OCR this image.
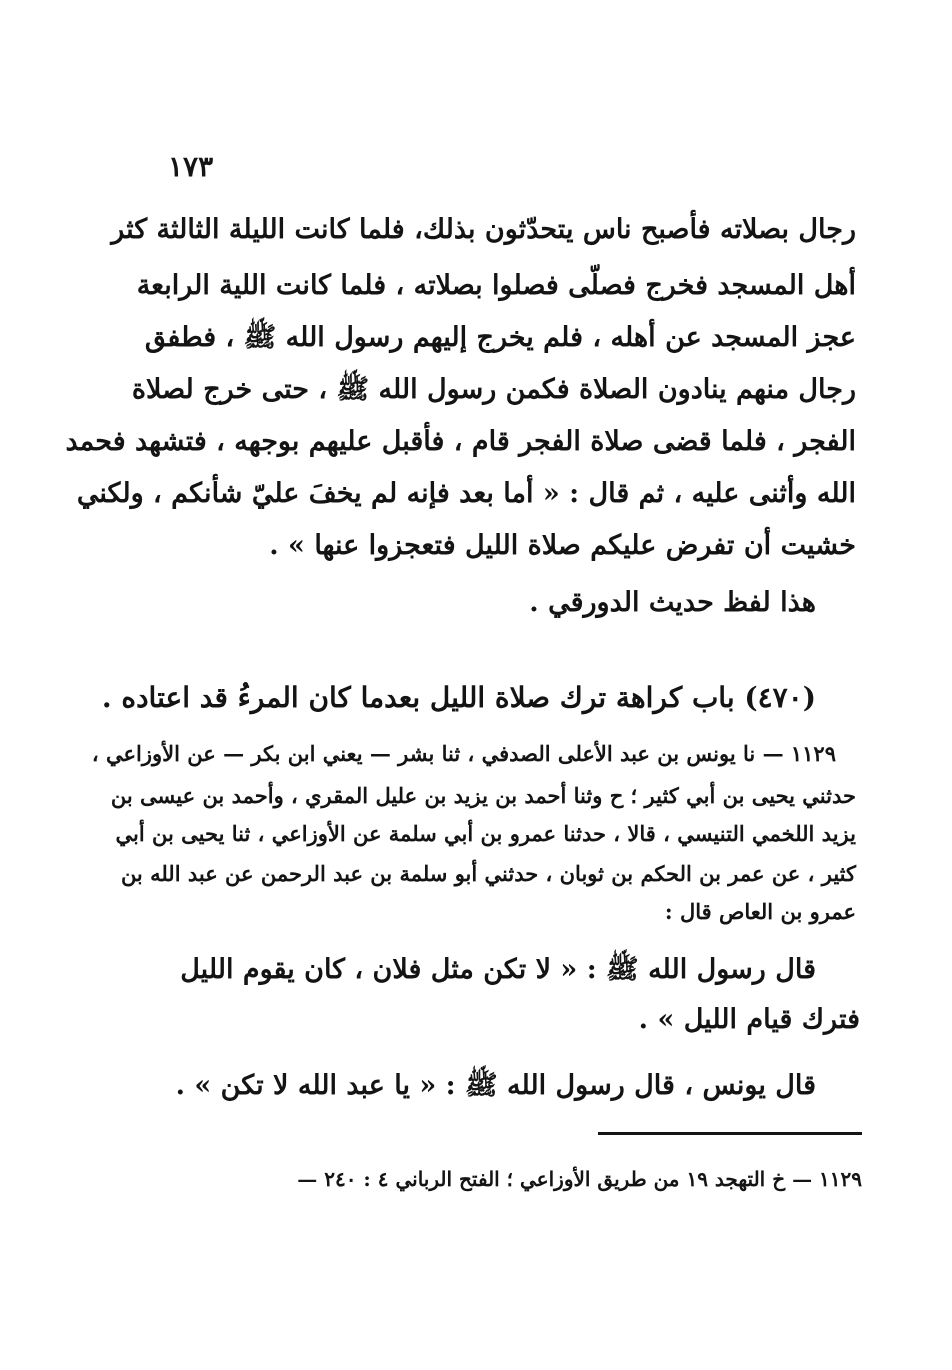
١٧٣
رجال بصلاته فأصبح ناس يتحدّثون بذلك، فلما كانت الليلة الثالثة كثر
أهل المسجد فخرج فصلّى فصلوا بصلاته ، فلما كانت اللية الرابعة
عجز المسجد عن أهله ، فلم يخرج إليهم رسول الله ﷺ ، فطفق
رجال منهم ينادون الصلاة فكمن رسول الله ﷺ ، حتى خرج لصلاة
الفجر ، فلما قضى صلاة الفجر قام ، فأقبل عليهم بوجهه ، فتشهد فحمد
الله وأثنى عليه ، ثم قال : « أما بعد فإنه لم يخفَ عليّ شأنكم ، ولكني
خشيت أن تفرض عليكم صلاة الليل فتعجزوا عنها » .
هذا لفظ حديث الدورقي .
(٤٧٠) باب كراهة ترك صلاة الليل بعدما كان المرءُ قد اعتاده .
١١٢٩ — نا يونس بن عبد الأعلى الصدفي ، ثنا بشر — يعني ابن بكر — عن الأوزاعي ،
حدثني يحيى بن أبي كثير ؛ ح وثنا أحمد بن يزيد بن عليل المقري ، وأحمد بن عيسى بن
يزيد اللخمي التنيسي ، قالا ، حدثنا عمرو بن أبي سلمة عن الأوزاعي ، ثنا يحيى بن أبي
كثير ، عن عمر بن الحكم بن ثوبان ، حدثني أبو سلمة بن عبد الرحمن عن عبد الله بن
عمرو بن العاص قال :
قال رسول الله ﷺ : « لا تكن مثل فلان ، كان يقوم الليل
فترك قيام الليل » .
قال يونس ، قال رسول الله ﷺ : « يا عبد الله لا تكن » .
١١٢٩ — خ التهجد ١٩ من طريق الأوزاعي ؛ الفتح الرباني ٤ : ٢٤٠ —
